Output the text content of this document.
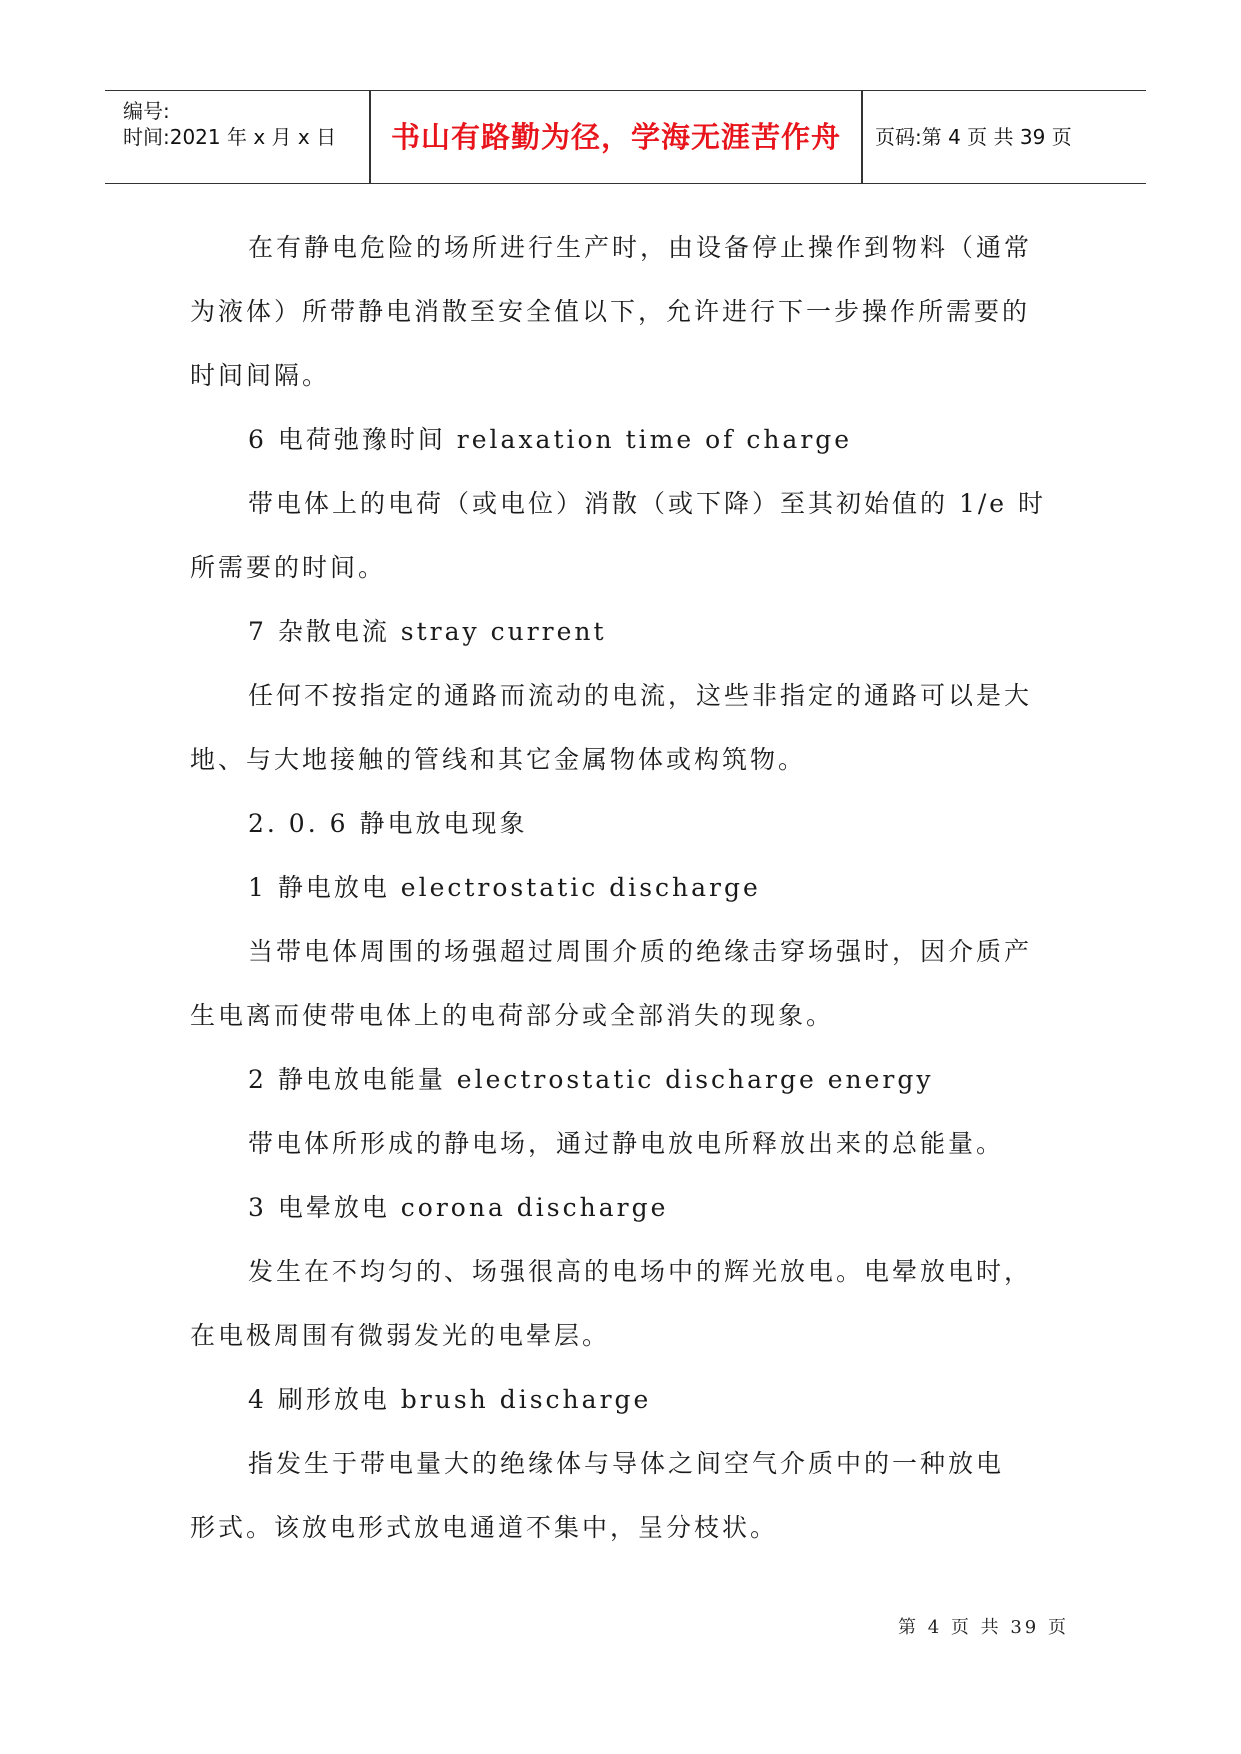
编号:
时间:2021 年 x 月 x 日	书山有路勤为径，学海无涯苦作舟	页码:第 4 页 共 39 页
在有静电危险的场所进行生产时，由设备停止操作到物料（通常
为液体）所带静电消散至安全值以下，允许进行下一步操作所需要的
时间间隔。
6 电荷弛豫时间 relaxation time of charge
带电体上的电荷（或电位）消散（或下降）至其初始值的 1/e 时
所需要的时间。
7 杂散电流 stray current
任何不按指定的通路而流动的电流，这些非指定的通路可以是大
地、与大地接触的管线和其它金属物体或构筑物。
2. 0. 6 静电放电现象
1 静电放电 electrostatic discharge
当带电体周围的场强超过周围介质的绝缘击穿场强时，因介质产
生电离而使带电体上的电荷部分或全部消失的现象。
2 静电放电能量 electrostatic discharge energy
带电体所形成的静电场，通过静电放电所释放出来的总能量。
3 电晕放电 corona discharge
发生在不均匀的、场强很高的电场中的辉光放电。电晕放电时，
在电极周围有微弱发光的电晕层。
4 刷形放电 brush discharge
指发生于带电量大的绝缘体与导体之间空气介质中的一种放电
形式。该放电形式放电通道不集中，呈分枝状。
第 4 页 共 39 页
